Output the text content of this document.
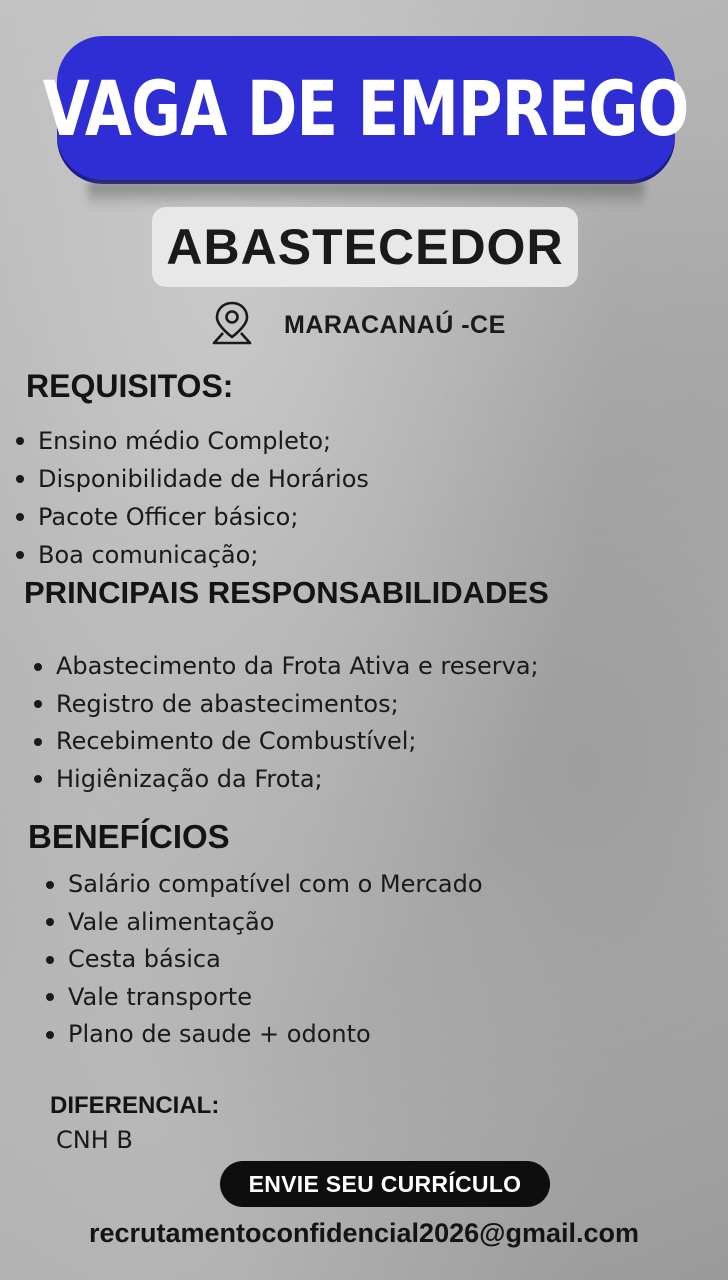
VAGA DE EMPREGO
ABASTECEDOR
MARACANAÚ -CE
REQUISITOS:
Ensino médio Completo;
Disponibilidade de Horários
Pacote Officer básico;
Boa comunicação;
PRINCIPAIS RESPONSABILIDADES
Abastecimento da Frota Ativa e reserva;
Registro de abastecimentos;
Recebimento de Combustível;
Higiênização da Frota;
BENEFÍCIOS
Salário compatível com o Mercado
Vale alimentação
Cesta básica
Vale transporte
Plano de saude + odonto
DIFERENCIAL:
CNH B
ENVIE SEU CURRÍCULO
recrutamentoconfidencial2026@gmail.com
